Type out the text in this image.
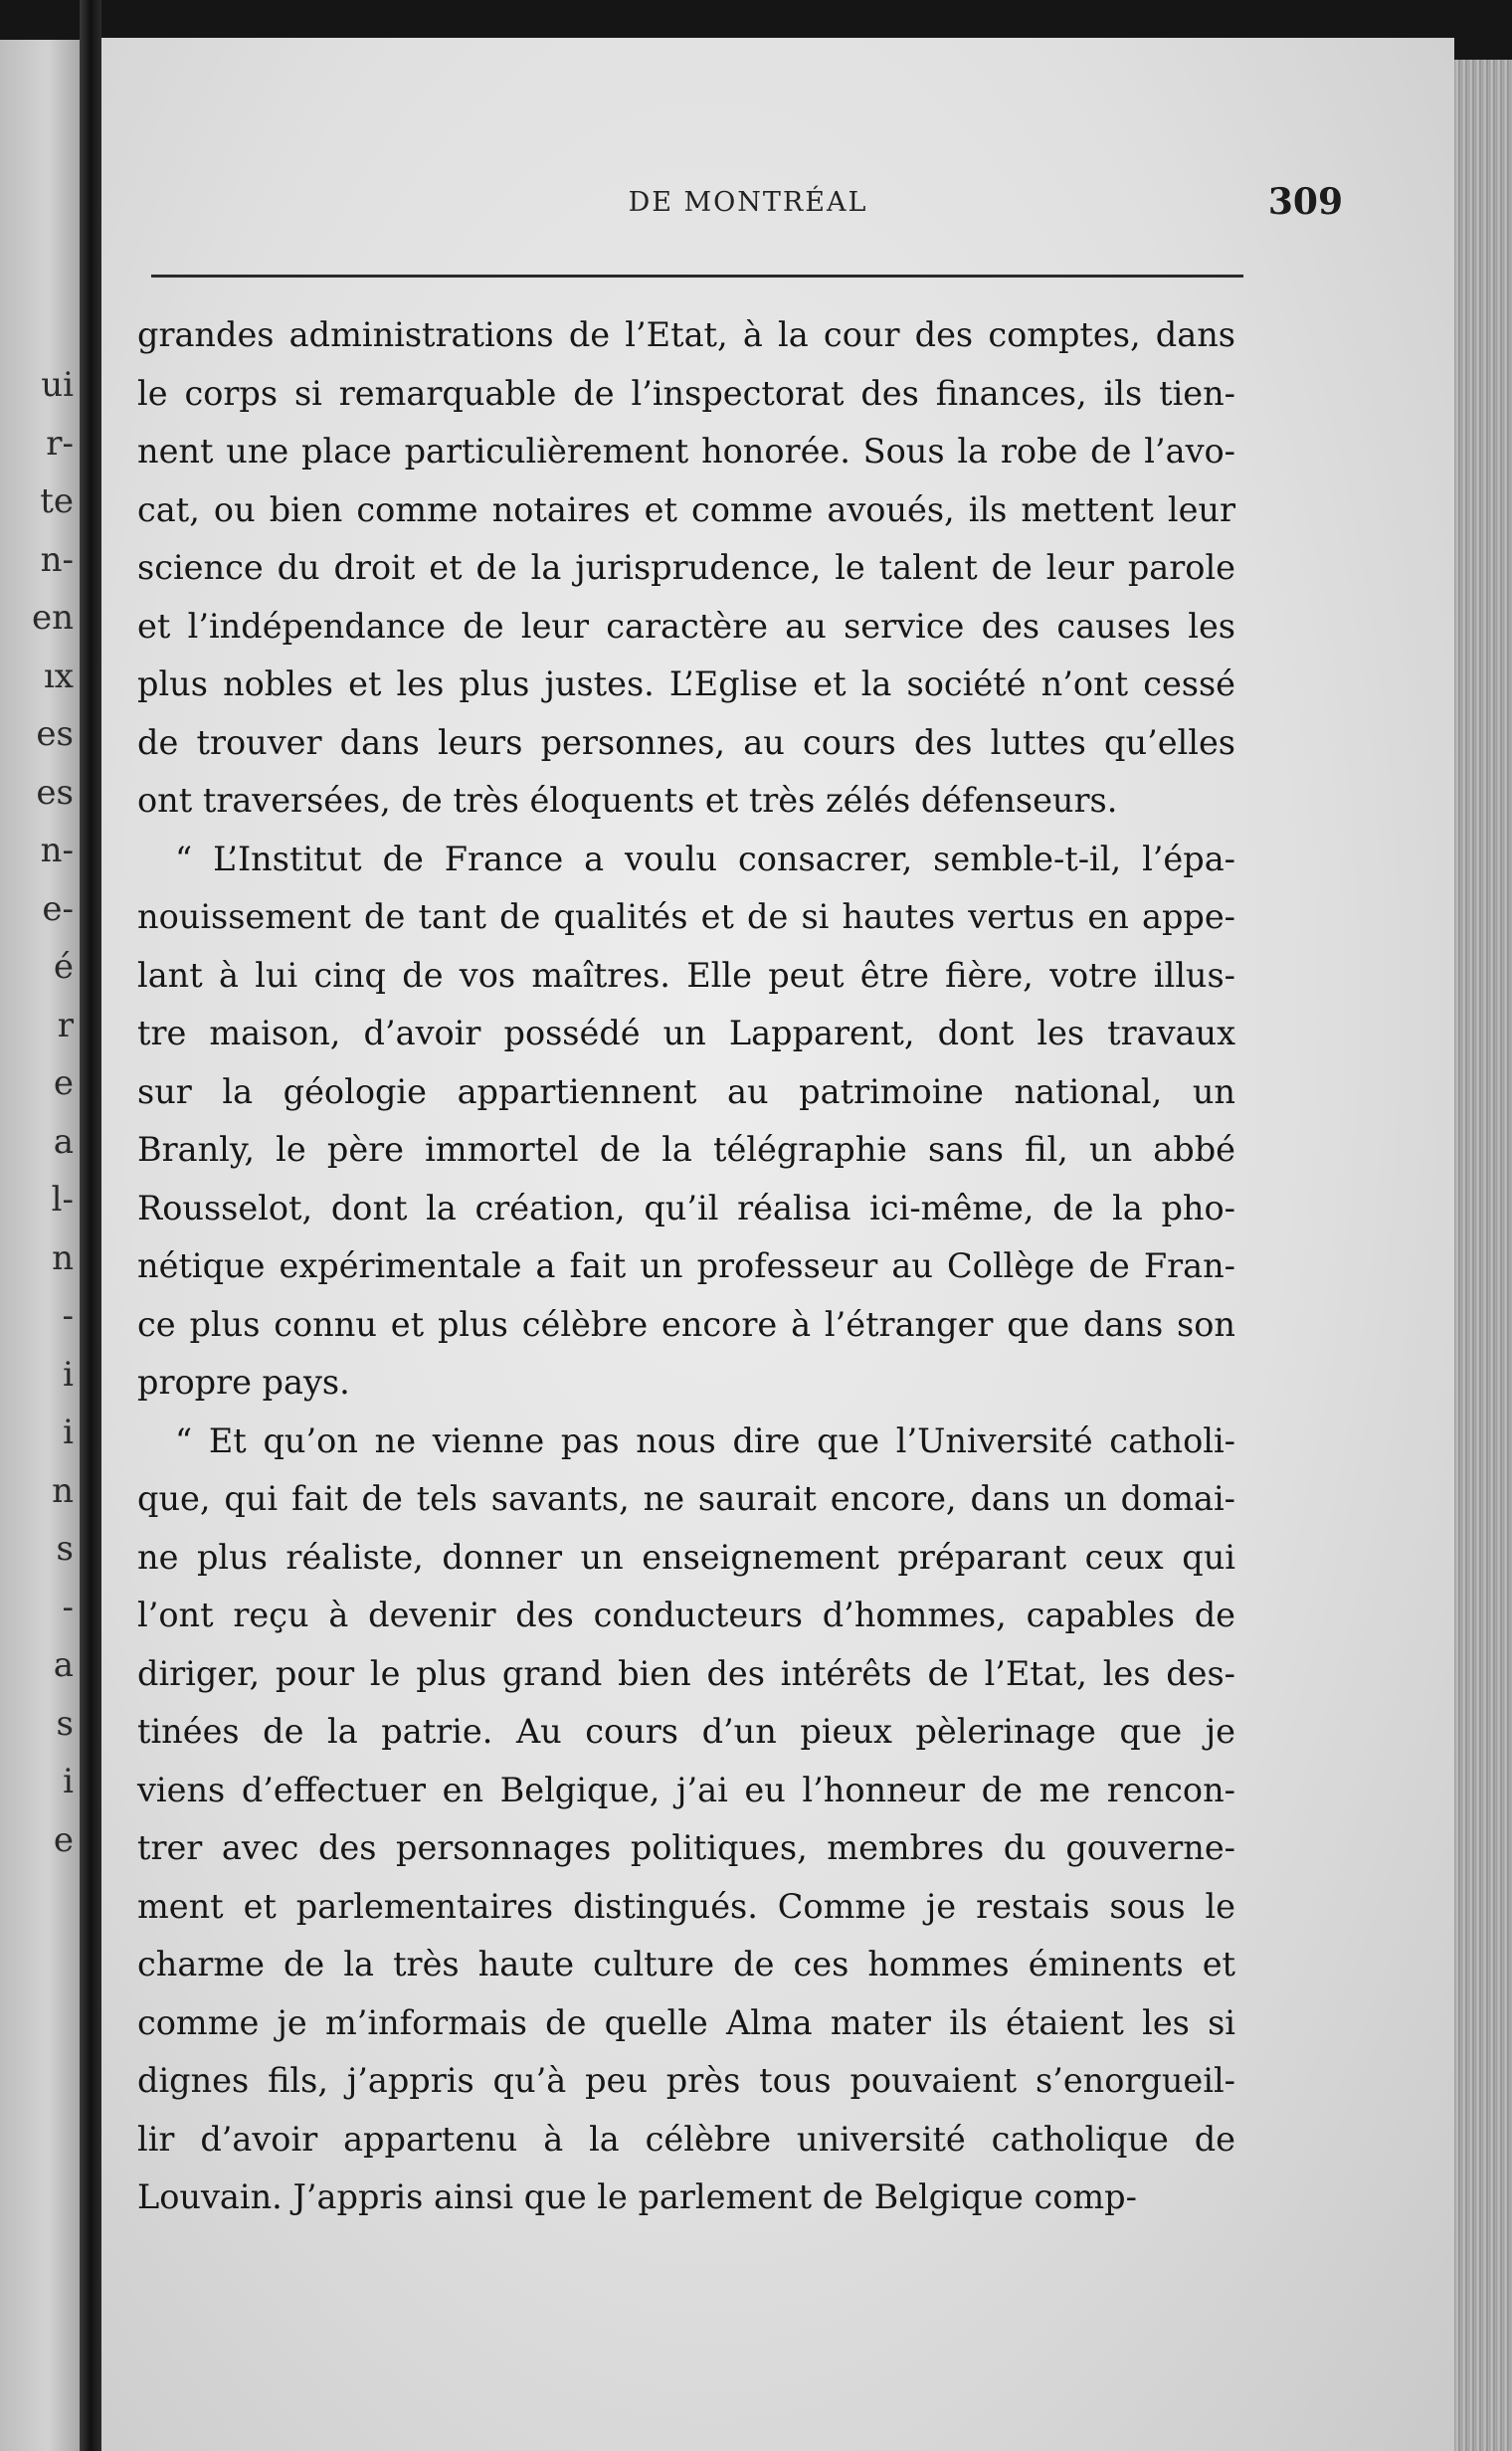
ui
r-
te
n-
en
ıx
es
es
n-
e-
é
r
e
a
l-
n
-
i
i
n
s
-
a
s
i
e
DE MONTRÉAL	309
grandes administrations de l’Etat, à la cour des comptes, dans
le corps si remarquable de l’inspectorat des finances, ils tien-
nent une place particulièrement honorée. Sous la robe de l’avo-
cat, ou bien comme notaires et comme avoués, ils mettent leur
science du droit et de la jurisprudence, le talent de leur parole
et l’indépendance de leur caractère au service des causes les
plus nobles et les plus justes. L’Eglise et la société n’ont cessé
de trouver dans leurs personnes, au cours des luttes qu’elles
ont traversées, de très éloquents et très zélés défenseurs.
“ L’Institut de France a voulu consacrer, semble-t-il, l’épa-
nouissement de tant de qualités et de si hautes vertus en appe-
lant à lui cinq de vos maîtres. Elle peut être fière, votre illus-
tre maison, d’avoir possédé un Lapparent, dont les travaux
sur la géologie appartiennent au patrimoine national, un
Branly, le père immortel de la télégraphie sans fil, un abbé
Rousselot, dont la création, qu’il réalisa ici-même, de la pho-
nétique expérimentale a fait un professeur au Collège de Fran-
ce plus connu et plus célèbre encore à l’étranger que dans son
propre pays.
“ Et qu’on ne vienne pas nous dire que l’Université catholi-
que, qui fait de tels savants, ne saurait encore, dans un domai-
ne plus réaliste, donner un enseignement préparant ceux qui
l’ont reçu à devenir des conducteurs d’hommes, capables de
diriger, pour le plus grand bien des intérêts de l’Etat, les des-
tinées de la patrie. Au cours d’un pieux pèlerinage que je
viens d’effectuer en Belgique, j’ai eu l’honneur de me rencon-
trer avec des personnages politiques, membres du gouverne-
ment et parlementaires distingués. Comme je restais sous le
charme de la très haute culture de ces hommes éminents et
comme je m’informais de quelle Alma mater ils étaient les si
dignes fils, j’appris qu’à peu près tous pouvaient s’enorgueil-
lir d’avoir appartenu à la célèbre université catholique de
Louvain. J’appris ainsi que le parlement de Belgique comp-
